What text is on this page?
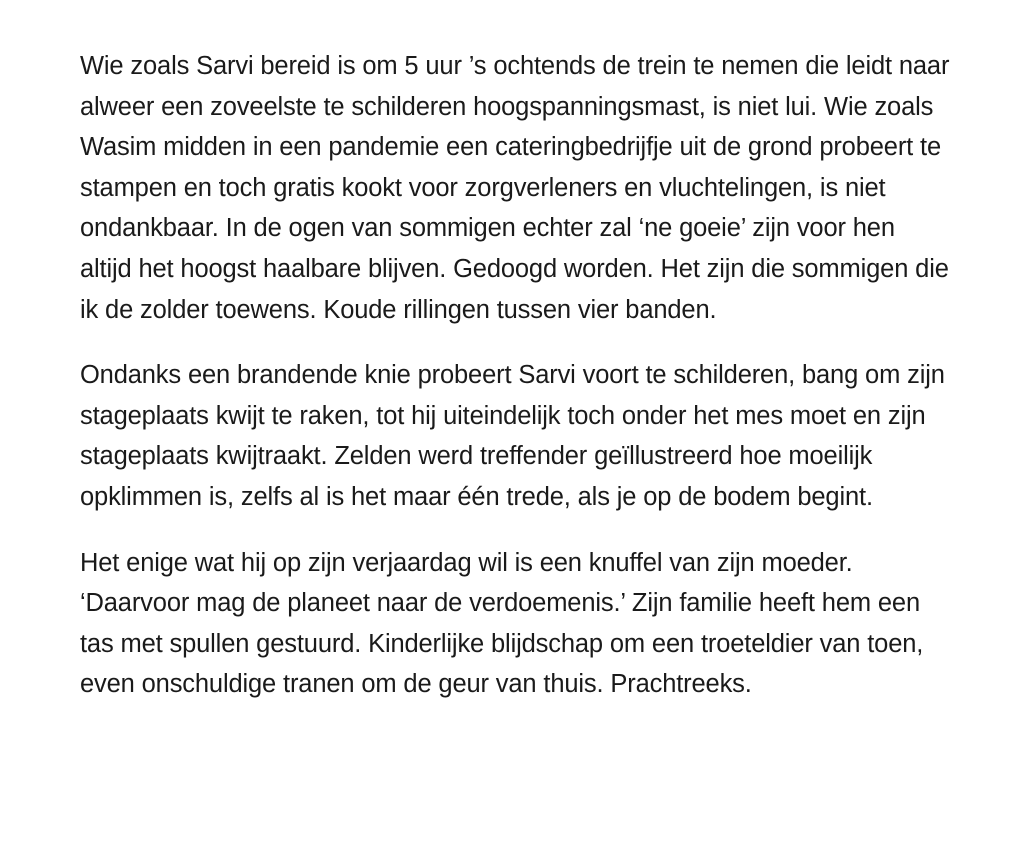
Wie zoals Sarvi bereid is om 5 uur ’s ochtends de trein te nemen die leidt naar alweer een zoveelste te schilderen hoogspanningsmast, is niet lui. Wie zoals Wasim midden in een pandemie een cateringbedrijfje uit de grond probeert te stampen en toch gratis kookt voor zorgverleners en vluchtelingen, is niet ondankbaar. In de ogen van sommigen echter zal ‘ne goeie’ zijn voor hen altijd het hoogst haalbare blijven. Gedoogd worden. Het zijn die sommigen die ik de zolder toewens. Koude rillingen tussen vier banden.

Ondanks een brandende knie probeert Sarvi voort te schilderen, bang om zijn stageplaats kwijt te raken, tot hij uiteindelijk toch onder het mes moet en zijn stageplaats kwijtraakt. Zelden werd treffender geïllustreerd hoe moeilijk opklimmen is, zelfs al is het maar één trede, als je op de bodem begint.

Het enige wat hij op zijn verjaardag wil is een knuffel van zijn moeder. ‘Daarvoor mag de planeet naar de verdoemenis.’ Zijn familie heeft hem een tas met spullen gestuurd. Kinderlijke blijdschap om een troeteldier van toen, even onschuldige tranen om de geur van thuis. Prachtreeks.
